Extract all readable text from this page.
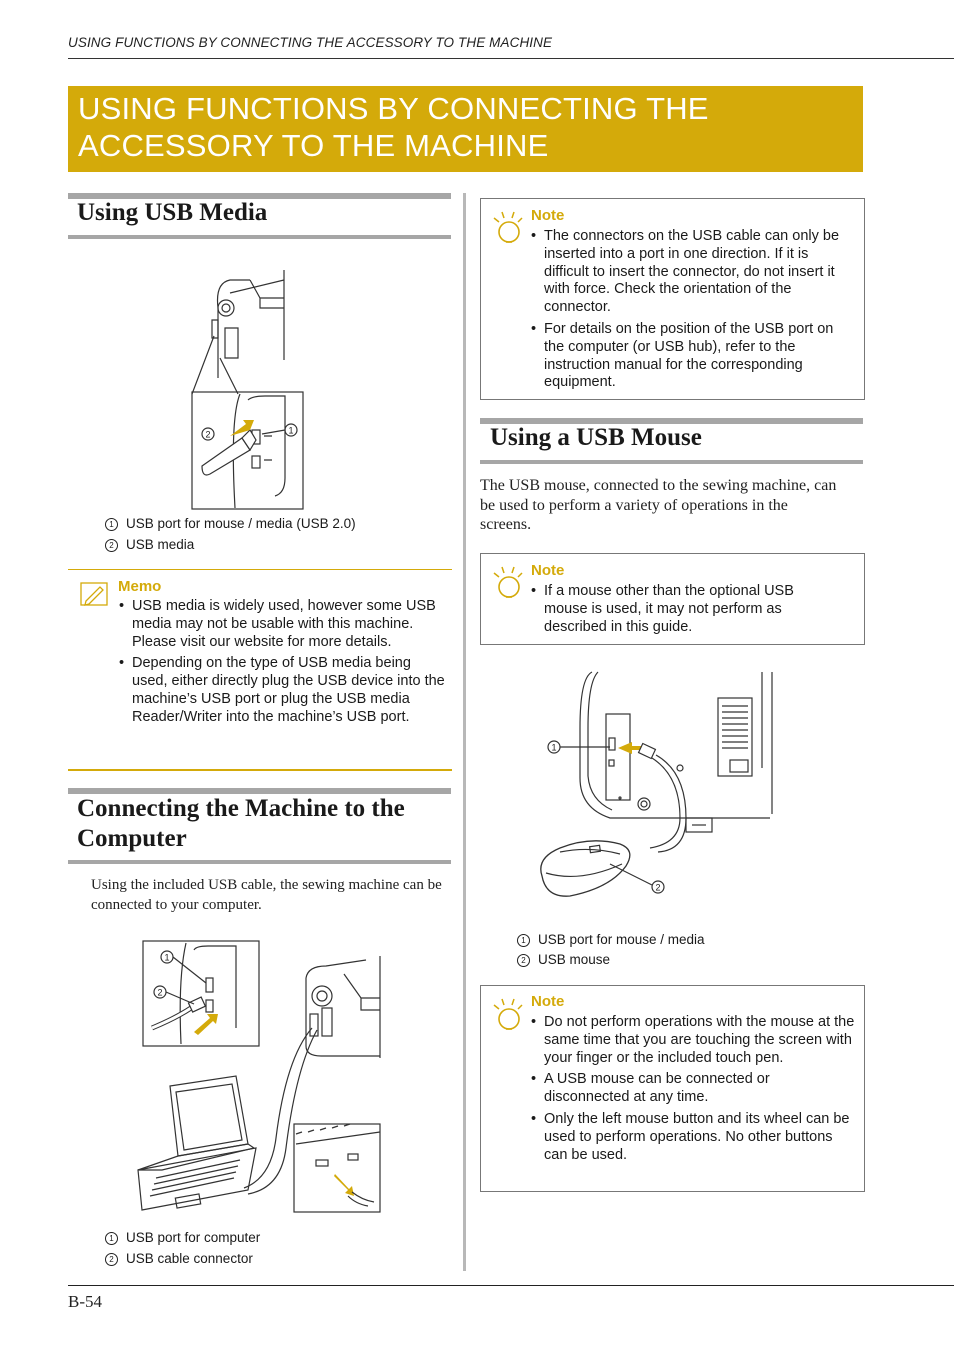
USING FUNCTIONS BY CONNECTING THE ACCESSORY TO THE MACHINE
USING FUNCTIONS BY CONNECTING THE
ACCESSORY TO THE MACHINE
Using USB Media
2	1
1 USB port for mouse / media (USB 2.0)
2 USB media
Memo
• USB media is widely used, however some USB media may not be usable with this machine. Please visit our website for more details.
• Depending on the type of USB media being used, either directly plug the USB device into the machine’s USB port or plug the USB media Reader/Writer into the machine’s USB port.
Connecting the Machine to the
Computer
Using the included USB cable, the sewing machine can be connected to your computer.
1
2
1 USB port for computer
2 USB cable connector
Note
• The connectors on the USB cable can only be inserted into a port in one direction. If it is difficult to insert the connector, do not insert it with force. Check the orientation of the connector.
• For details on the position of the USB port on the computer (or USB hub), refer to the instruction manual for the corresponding equipment.
Using a USB Mouse
The USB mouse, connected to the sewing machine, can be used to perform a variety of operations in the screens.
Note
• If a mouse other than the optional USB mouse is used, it may not perform as described in this guide.
1
2
1 USB port for mouse / media
2 USB mouse
Note
• Do not perform operations with the mouse at the same time that you are touching the screen with your finger or the included touch pen.
• A USB mouse can be connected or disconnected at any time.
• Only the left mouse button and its wheel can be used to perform operations. No other buttons can be used.
B-54
